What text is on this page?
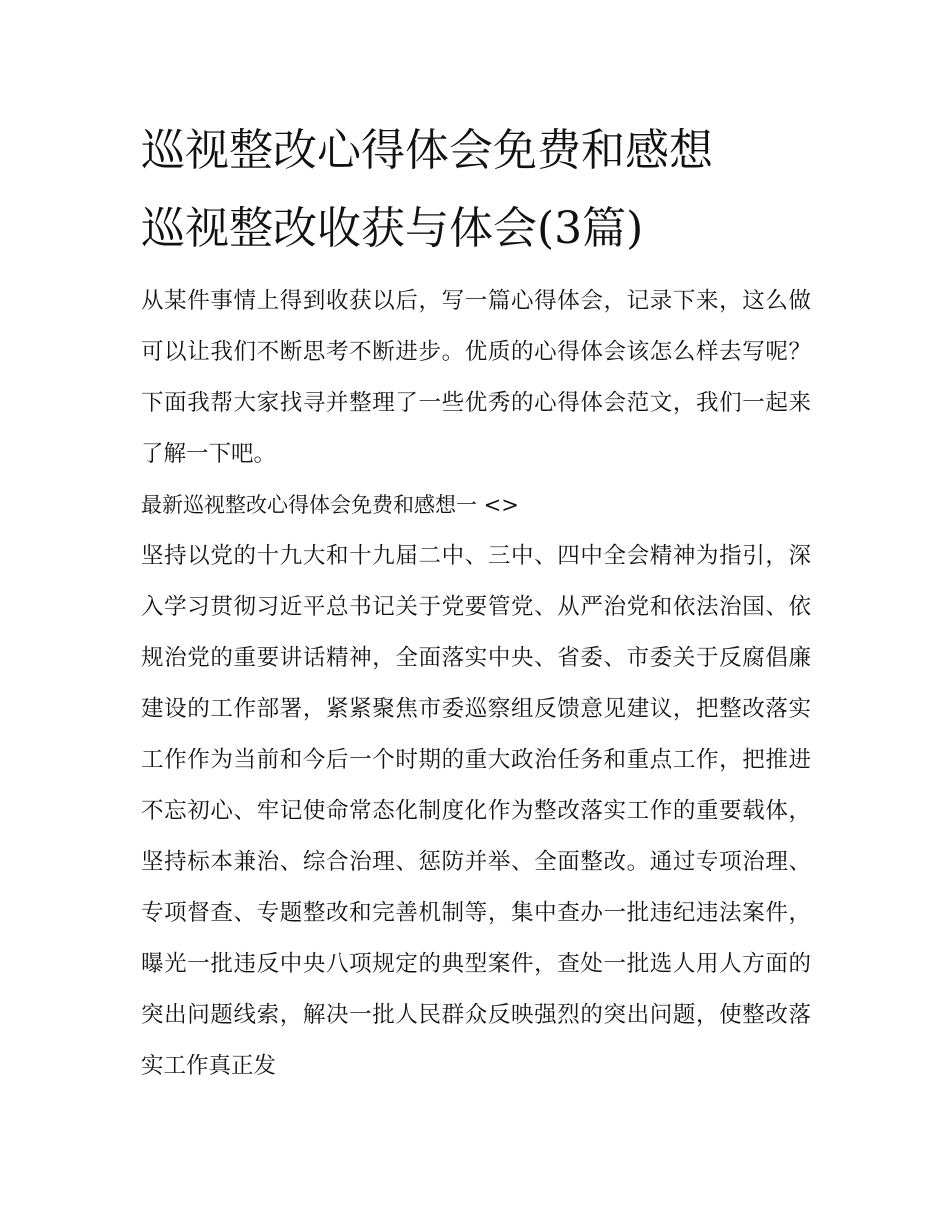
巡视整改心得体会免费和感想
巡视整改收获与体会(3篇)

从某件事情上得到收获以后，写一篇心得体会，记录下来，这么做可以让我们不断思考不断进步。优质的心得体会该怎么样去写呢？下面我帮大家找寻并整理了一些优秀的心得体会范文，我们一起来了解一下吧。

最新巡视整改心得体会免费和感想一 <>

坚持以党的十九大和十九届二中、三中、四中全会精神为指引，深入学习贯彻习近平总书记关于党要管党、从严治党和依法治国、依规治党的重要讲话精神，全面落实中央、省委、市委关于反腐倡廉建设的工作部署，紧紧聚焦市委巡察组反馈意见建议，把整改落实工作作为当前和今后一个时期的重大政治任务和重点工作，把推进不忘初心、牢记使命常态化制度化作为整改落实工作的重要载体，坚持标本兼治、综合治理、惩防并举、全面整改。通过专项治理、专项督查、专题整改和完善机制等，集中查办一批违纪违法案件，曝光一批违反中央八项规定的典型案件，查处一批选人用人方面的突出问题线索，解决一批人民群众反映强烈的突出问题，使整改落实工作真正发
